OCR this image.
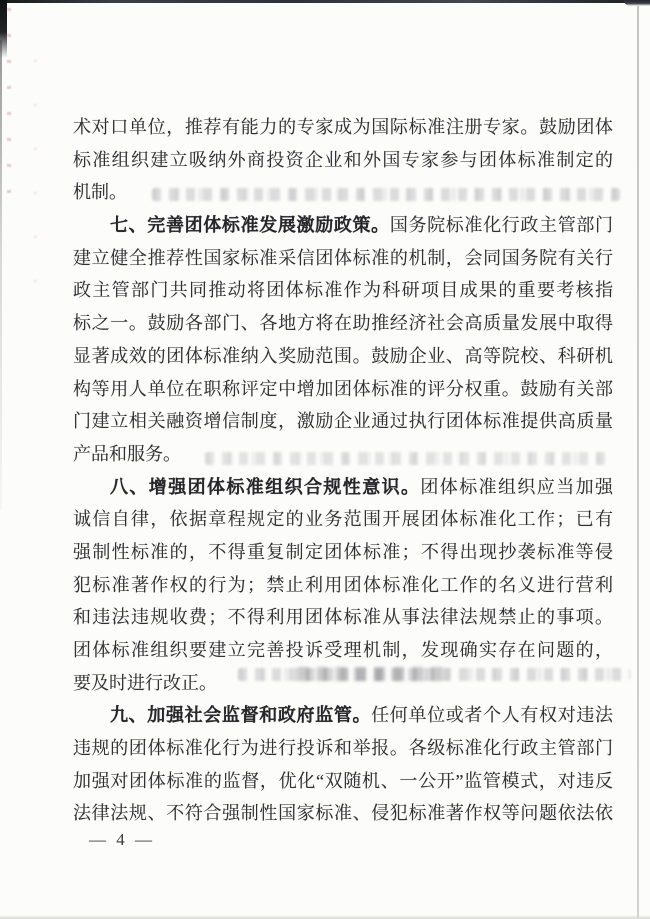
术对口单位，推荐有能力的专家成为国际标准注册专家。鼓励团体
标准组织建立吸纳外商投资企业和外国专家参与团体标准制定的
机制。
七、完善团体标准发展激励政策。国务院标准化行政主管部门
建立健全推荐性国家标准采信团体标准的机制，会同国务院有关行
政主管部门共同推动将团体标准作为科研项目成果的重要考核指
标之一。鼓励各部门、各地方将在助推经济社会高质量发展中取得
显著成效的团体标准纳入奖励范围。鼓励企业、高等院校、科研机
构等用人单位在职称评定中增加团体标准的评分权重。鼓励有关部
门建立相关融资增信制度，激励企业通过执行团体标准提供高质量
产品和服务。
八、增强团体标准组织合规性意识。团体标准组织应当加强
诚信自律，依据章程规定的业务范围开展团体标准化工作；已有
强制性标准的，不得重复制定团体标准；不得出现抄袭标准等侵
犯标准著作权的行为；禁止利用团体标准化工作的名义进行营利
和违法违规收费；不得利用团体标准从事法律法规禁止的事项。
团体标准组织要建立完善投诉受理机制，发现确实存在问题的，
要及时进行改正。
九、加强社会监督和政府监管。任何单位或者个人有权对违法
违规的团体标准化行为进行投诉和举报。各级标准化行政主管部门
加强对团体标准的监督，优化“双随机、一公开”监管模式，对违反
法律法规、不符合强制性国家标准、侵犯标准著作权等问题依法依
— 4 —
